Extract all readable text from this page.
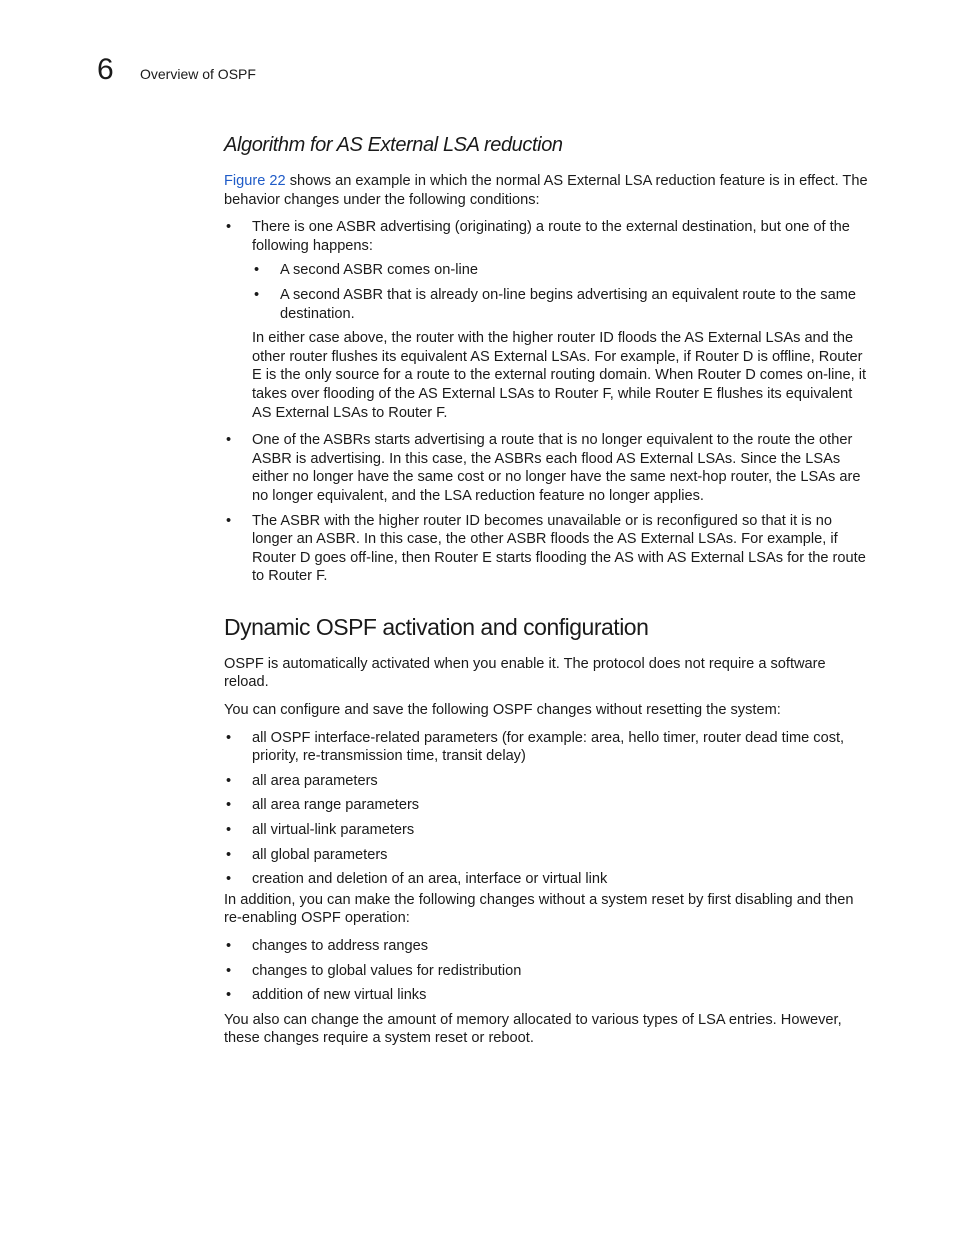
6 Overview of OSPF
Algorithm for AS External LSA reduction

Figure 22 shows an example in which the normal AS External LSA reduction feature is in effect. The behavior changes under the following conditions:

• There is one ASBR advertising (originating) a route to the external destination, but one of the following happens:
• A second ASBR comes on-line
• A second ASBR that is already on-line begins advertising an equivalent route to the same destination.

In either case above, the router with the higher router ID floods the AS External LSAs and the other router flushes its equivalent AS External LSAs. For example, if Router D is offline, Router E is the only source for a route to the external routing domain. When Router D comes on-line, it takes over flooding of the AS External LSAs to Router F, while Router E flushes its equivalent AS External LSAs to Router F.

• One of the ASBRs starts advertising a route that is no longer equivalent to the route the other ASBR is advertising. In this case, the ASBRs each flood AS External LSAs. Since the LSAs either no longer have the same cost or no longer have the same next-hop router, the LSAs are no longer equivalent, and the LSA reduction feature no longer applies.
• The ASBR with the higher router ID becomes unavailable or is reconfigured so that it is no longer an ASBR. In this case, the other ASBR floods the AS External LSAs. For example, if Router D goes off-line, then Router E starts flooding the AS with AS External LSAs for the route to Router F.
Dynamic OSPF activation and configuration

OSPF is automatically activated when you enable it. The protocol does not require a software reload.

You can configure and save the following OSPF changes without resetting the system:

• all OSPF interface-related parameters (for example: area, hello timer, router dead time cost, priority, re-transmission time, transit delay)
• all area parameters
• all area range parameters
• all virtual-link parameters
• all global parameters
• creation and deletion of an area, interface or virtual link

In addition, you can make the following changes without a system reset by first disabling and then re-enabling OSPF operation:

• changes to address ranges
• changes to global values for redistribution
• addition of new virtual links

You also can change the amount of memory allocated to various types of LSA entries. However, these changes require a system reset or reboot.
